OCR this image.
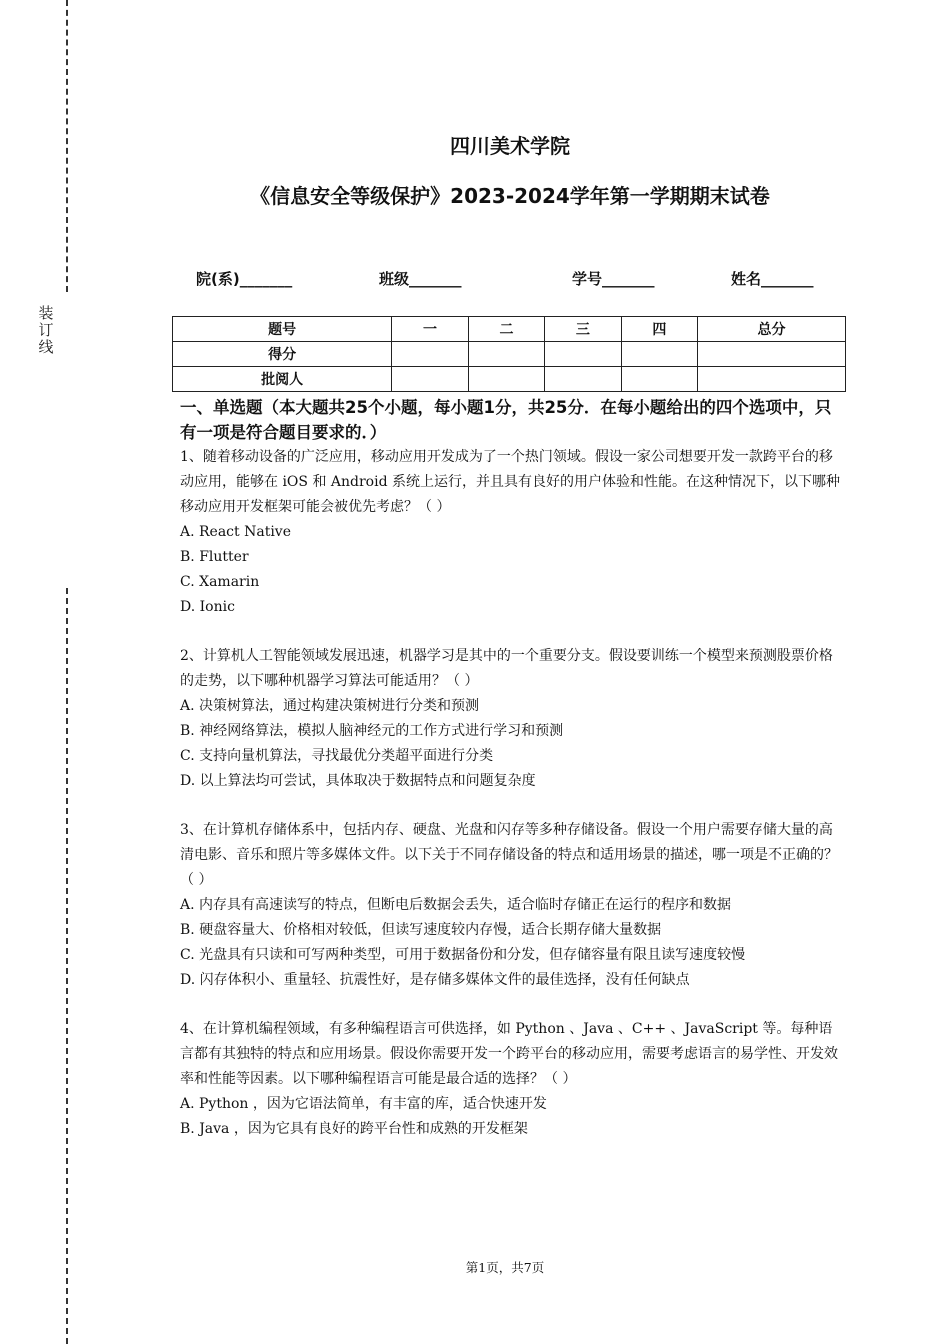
装订线
四川美术学院
《信息安全等级保护》2023-2024学年第一学期期末试卷
院(系)_______	班级_______	学号_______	姓名_______
题号	一	二	三	四	总分
得分					
批阅人					
一、单选题（本大题共25个小题，每小题1分，共25分．在每小题给出的四个选项中，只有一项是符合题目要求的．）
1、随着移动设备的广泛应用，移动应用开发成为了一个热门领域。假设一家公司想要开发一款跨平台的移动应用，能够在 iOS 和 Android 系统上运行，并且具有良好的用户体验和性能。在这种情况下，以下哪种移动应用开发框架可能会被优先考虑？（ ）
A. React Native
B. Flutter
C. Xamarin
D. Ionic
2、计算机人工智能领域发展迅速，机器学习是其中的一个重要分支。假设要训练一个模型来预测股票价格的走势，以下哪种机器学习算法可能适用？（ ）
A. 决策树算法，通过构建决策树进行分类和预测
B. 神经网络算法，模拟人脑神经元的工作方式进行学习和预测
C. 支持向量机算法，寻找最优分类超平面进行分类
D. 以上算法均可尝试，具体取决于数据特点和问题复杂度
3、在计算机存储体系中，包括内存、硬盘、光盘和闪存等多种存储设备。假设一个用户需要存储大量的高清电影、音乐和照片等多媒体文件。以下关于不同存储设备的特点和适用场景的描述，哪一项是不正确的？（ ）
A. 内存具有高速读写的特点，但断电后数据会丢失，适合临时存储正在运行的程序和数据
B. 硬盘容量大、价格相对较低，但读写速度较内存慢，适合长期存储大量数据
C. 光盘具有只读和可写两种类型，可用于数据备份和分发，但存储容量有限且读写速度较慢
D. 闪存体积小、重量轻、抗震性好，是存储多媒体文件的最佳选择，没有任何缺点
4、在计算机编程领域，有多种编程语言可供选择，如 Python 、Java 、C++ 、JavaScript 等。每种语言都有其独特的特点和应用场景。假设你需要开发一个跨平台的移动应用，需要考虑语言的易学性、开发效率和性能等因素。以下哪种编程语言可能是最合适的选择？（ ）
A. Python ，因为它语法简单，有丰富的库，适合快速开发
B. Java ，因为它具有良好的跨平台性和成熟的开发框架
第1页，共7页
